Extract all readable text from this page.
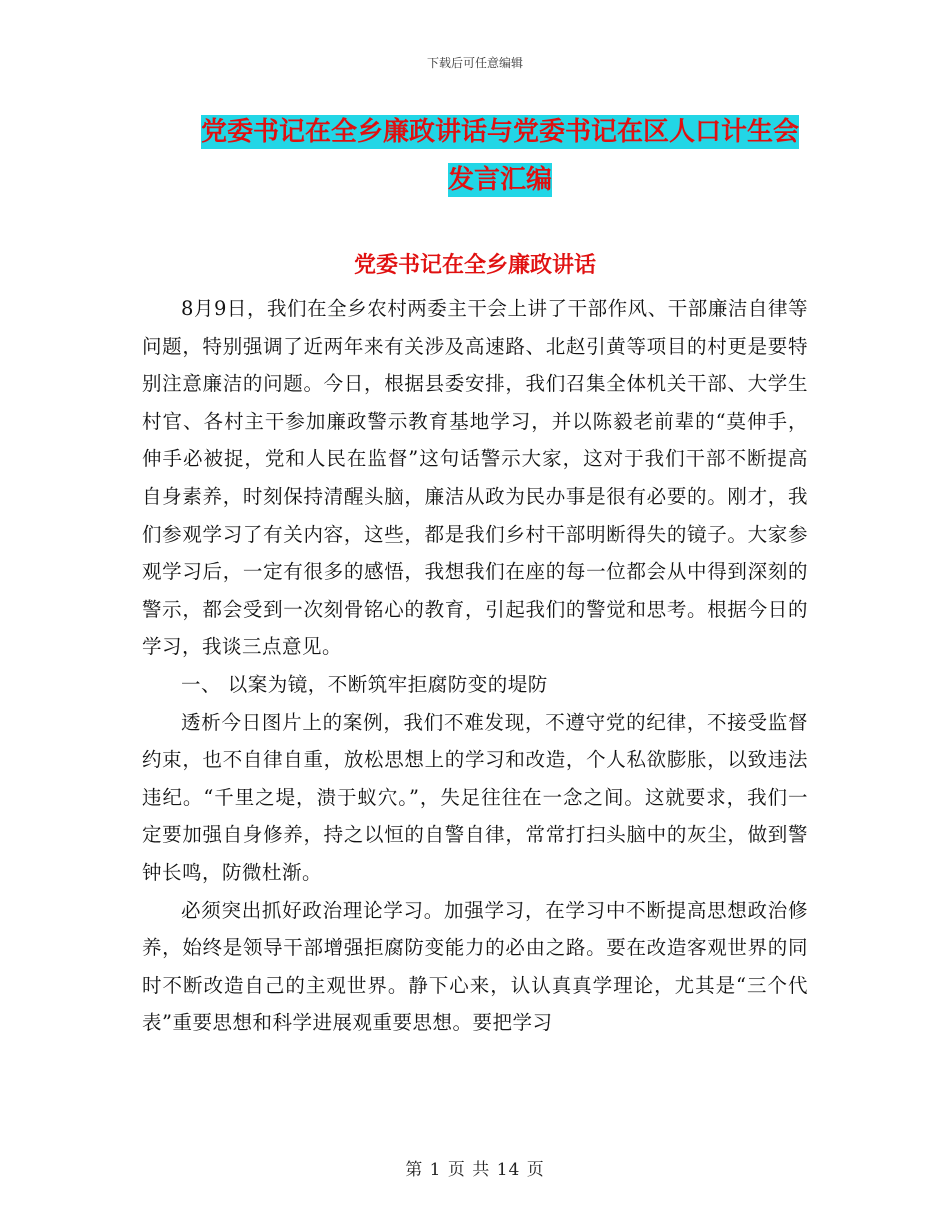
下载后可任意编辑
党委书记在全乡廉政讲话与党委书记在区人口计生会
发言汇编
党委书记在全乡廉政讲话

8月9日，我们在全乡农村两委主干会上讲了干部作风、干部廉洁自律等问题，特别强调了近两年来有关涉及高速路、北赵引黄等项目的村更是要特别注意廉洁的问题。今日，根据县委安排，我们召集全体机关干部、大学生村官、各村主干参加廉政警示教育基地学习，并以陈毅老前辈的“莫伸手，伸手必被捉，党和人民在监督”这句话警示大家，这对于我们干部不断提高自身素养，时刻保持清醒头脑，廉洁从政为民办事是很有必要的。刚才，我们参观学习了有关内容，这些，都是我们乡村干部明断得失的镜子。大家参观学习后，一定有很多的感悟，我想我们在座的每一位都会从中得到深刻的警示，都会受到一次刻骨铭心的教育，引起我们的警觉和思考。根据今日的学习，我谈三点意见。

一、 以案为镜，不断筑牢拒腐防变的堤防

透析今日图片上的案例，我们不难发现，不遵守党的纪律，不接受监督约束，也不自律自重，放松思想上的学习和改造，个人私欲膨胀，以致违法违纪。“千里之堤，溃于蚁穴。”，失足往往在一念之间。这就要求，我们一定要加强自身修养，持之以恒的自警自律，常常打扫头脑中的灰尘，做到警钟长鸣，防微杜渐。

必须突出抓好政治理论学习。加强学习，在学习中不断提高思想政治修养，始终是领导干部增强拒腐防变能力的必由之路。要在改造客观世界的同时不断改造自己的主观世界。静下心来，认认真真学理论，尤其是“三个代表”重要思想和科学进展观重要思想。要把学习

第 1 页 共 14 页
